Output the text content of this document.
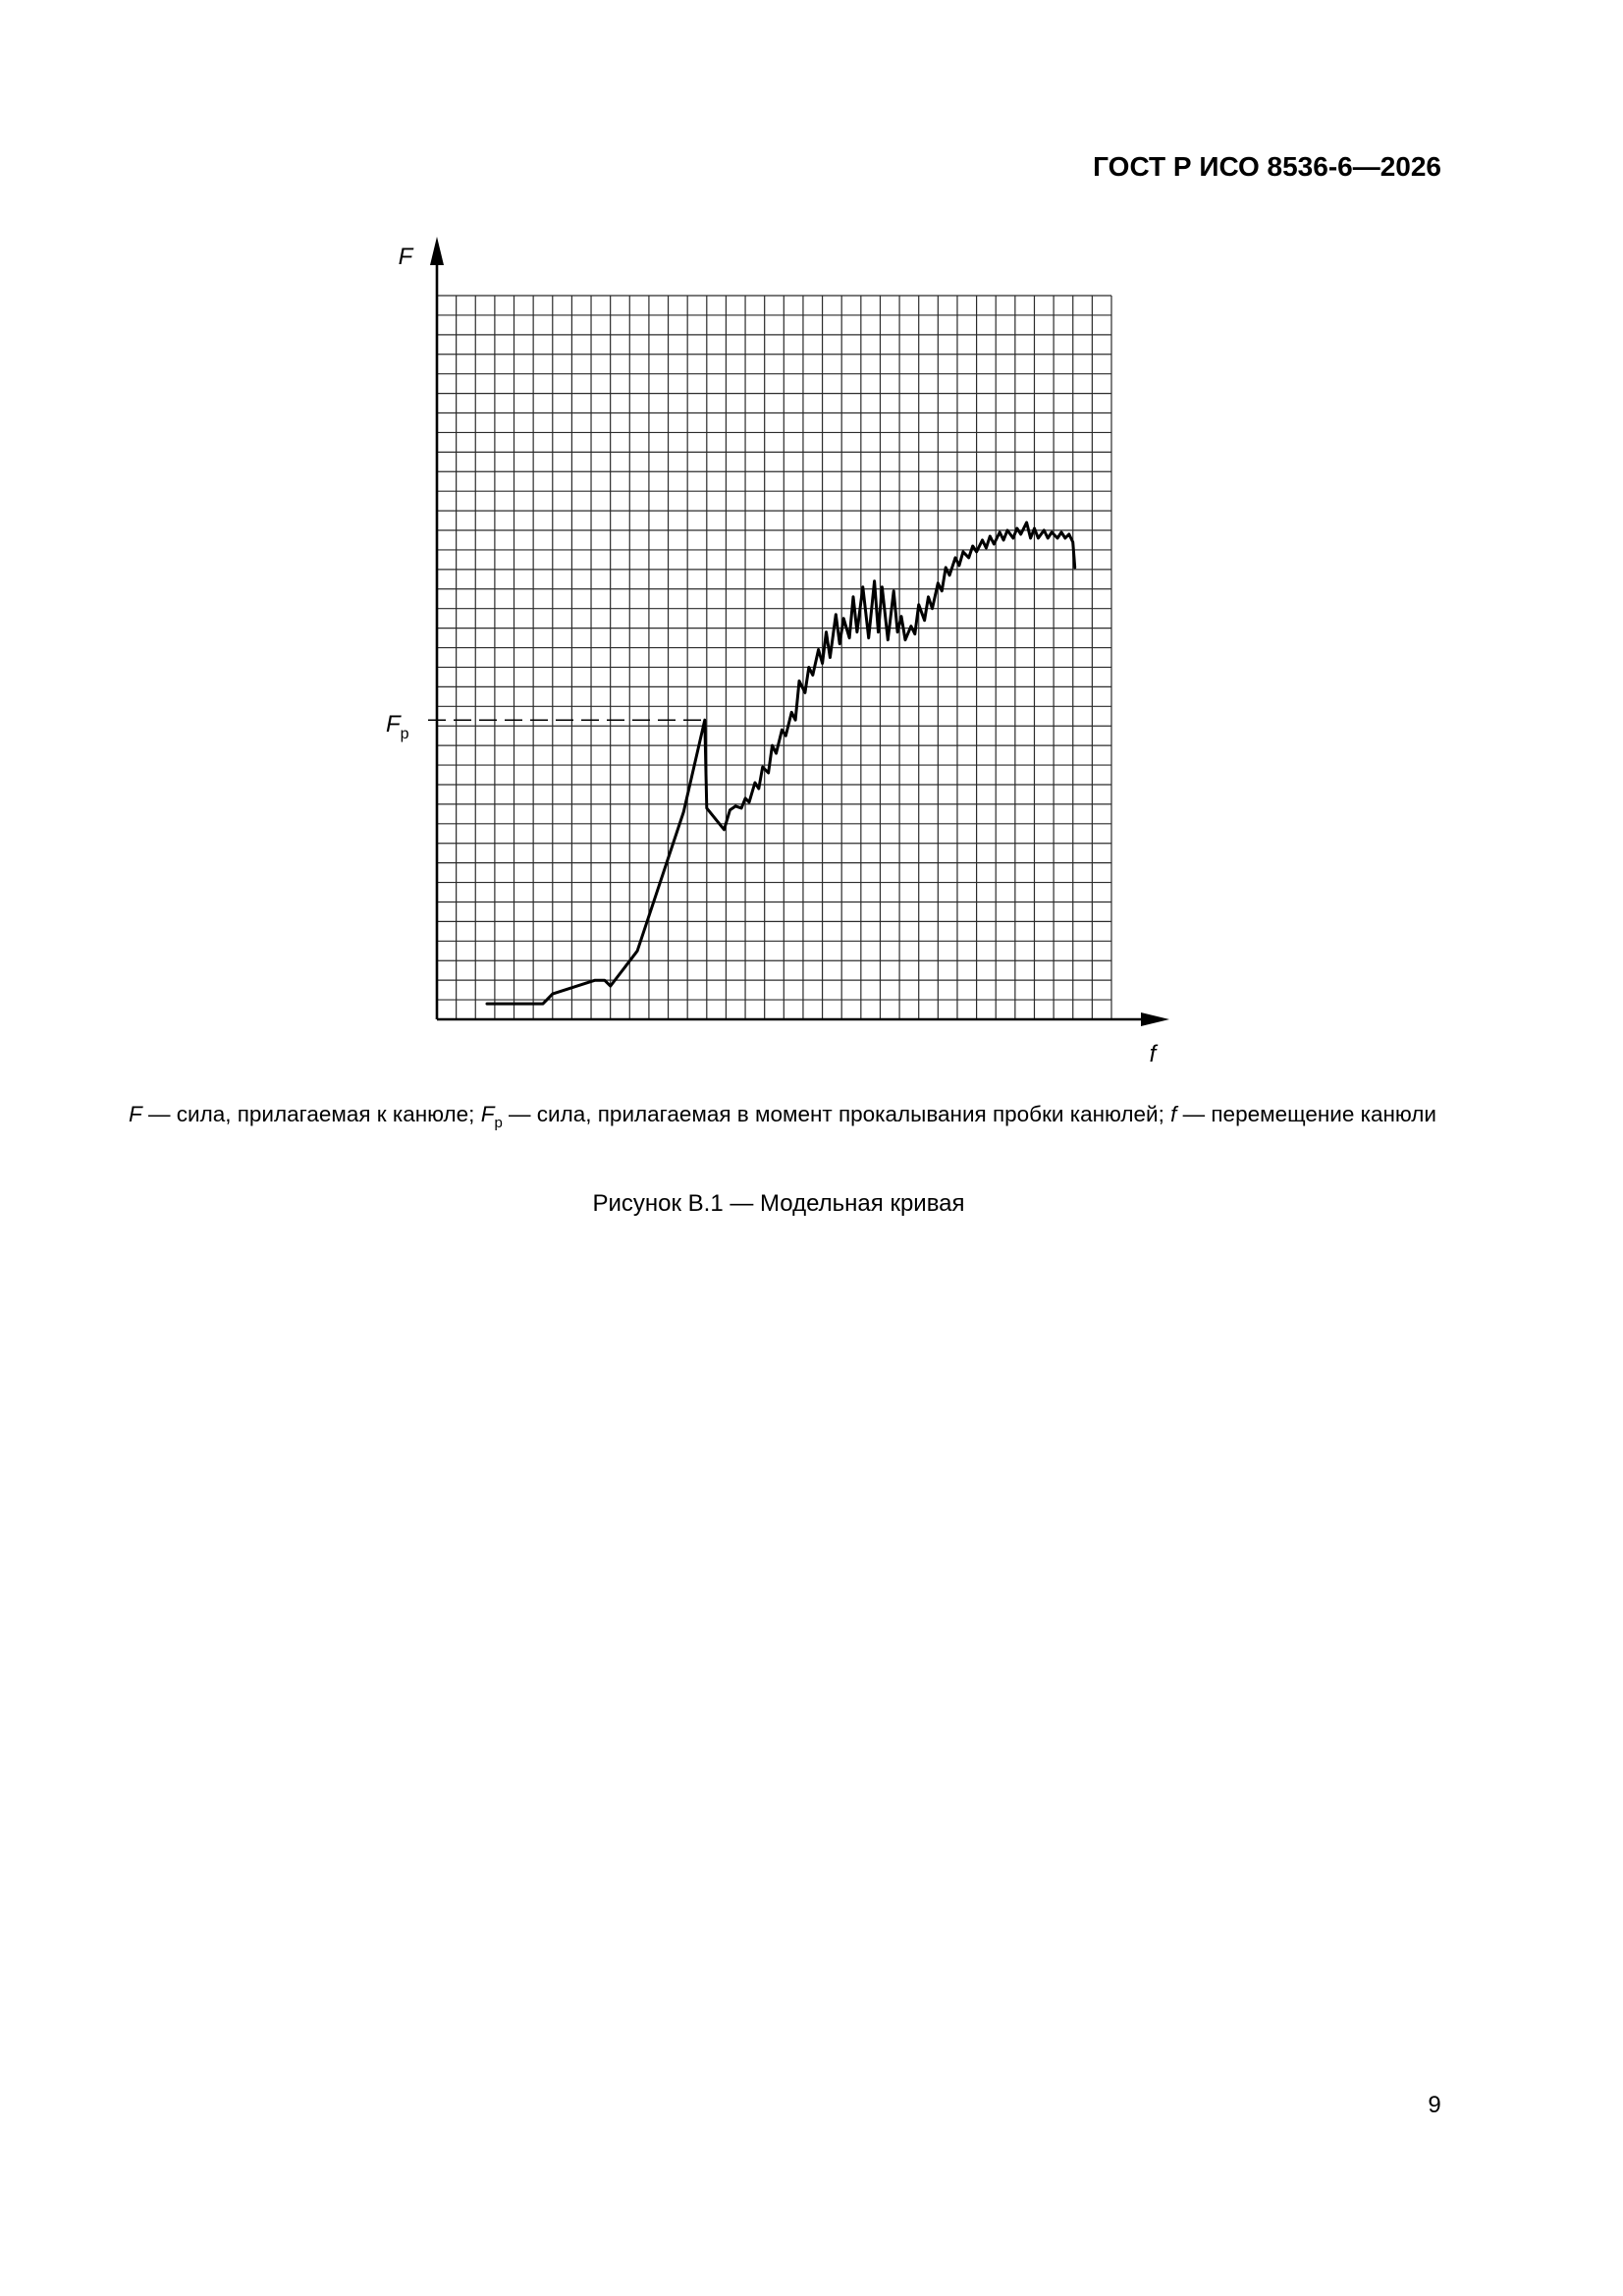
F
f
$F_p$
ГОСТ Р ИСО 8536-6—2026
F — сила, прилагаемая к канюле; $F_p$ — сила, прилагаемая в момент прокалывания пробки канюлей; f — перемещение канюли
Рисунок В.1 — Модельная кривая
9
